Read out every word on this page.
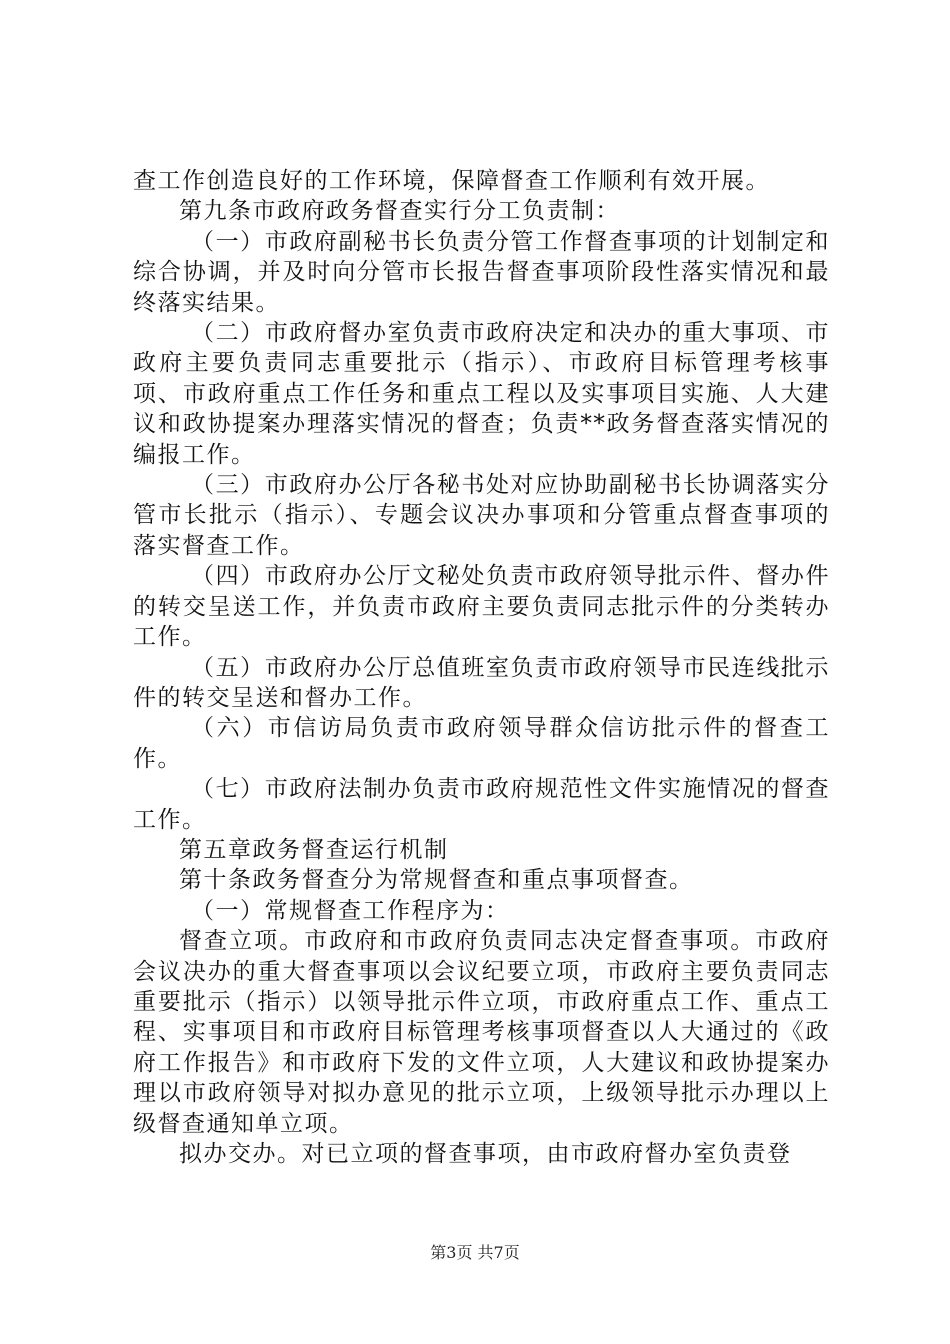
查工作创造良好的工作环境，保障督查工作顺利有效开展。

第九条市政府政务督查实行分工负责制：

（一）市政府副秘书长负责分管工作督查事项的计划制定和综合协调，并及时向分管市长报告督查事项阶段性落实情况和最终落实结果。

（二）市政府督办室负责市政府决定和决办的重大事项、市政府主要负责同志重要批示（指示）、市政府目标管理考核事项、市政府重点工作任务和重点工程以及实事项目实施、人大建议和政协提案办理落实情况的督查；负责**政务督查落实情况的编报工作。

（三）市政府办公厅各秘书处对应协助副秘书长协调落实分管市长批示（指示）、专题会议决办事项和分管重点督查事项的落实督查工作。

（四）市政府办公厅文秘处负责市政府领导批示件、督办件的转交呈送工作，并负责市政府主要负责同志批示件的分类转办工作。

（五）市政府办公厅总值班室负责市政府领导市民连线批示件的转交呈送和督办工作。

（六）市信访局负责市政府领导群众信访批示件的督查工作。

（七）市政府法制办负责市政府规范性文件实施情况的督查工作。

第五章政务督查运行机制

第十条政务督查分为常规督查和重点事项督查。

（一）常规督查工作程序为：

督查立项。市政府和市政府负责同志决定督查事项。市政府会议决办的重大督查事项以会议纪要立项，市政府主要负责同志重要批示（指示）以领导批示件立项，市政府重点工作、重点工程、实事项目和市政府目标管理考核事项督查以人大通过的《政府工作报告》和市政府下发的文件立项，人大建议和政协提案办理以市政府领导对拟办意见的批示立项，上级领导批示办理以上级督查通知单立项。

拟办交办。对已立项的督查事项，由市政府督办室负责登

第3页 共7页
